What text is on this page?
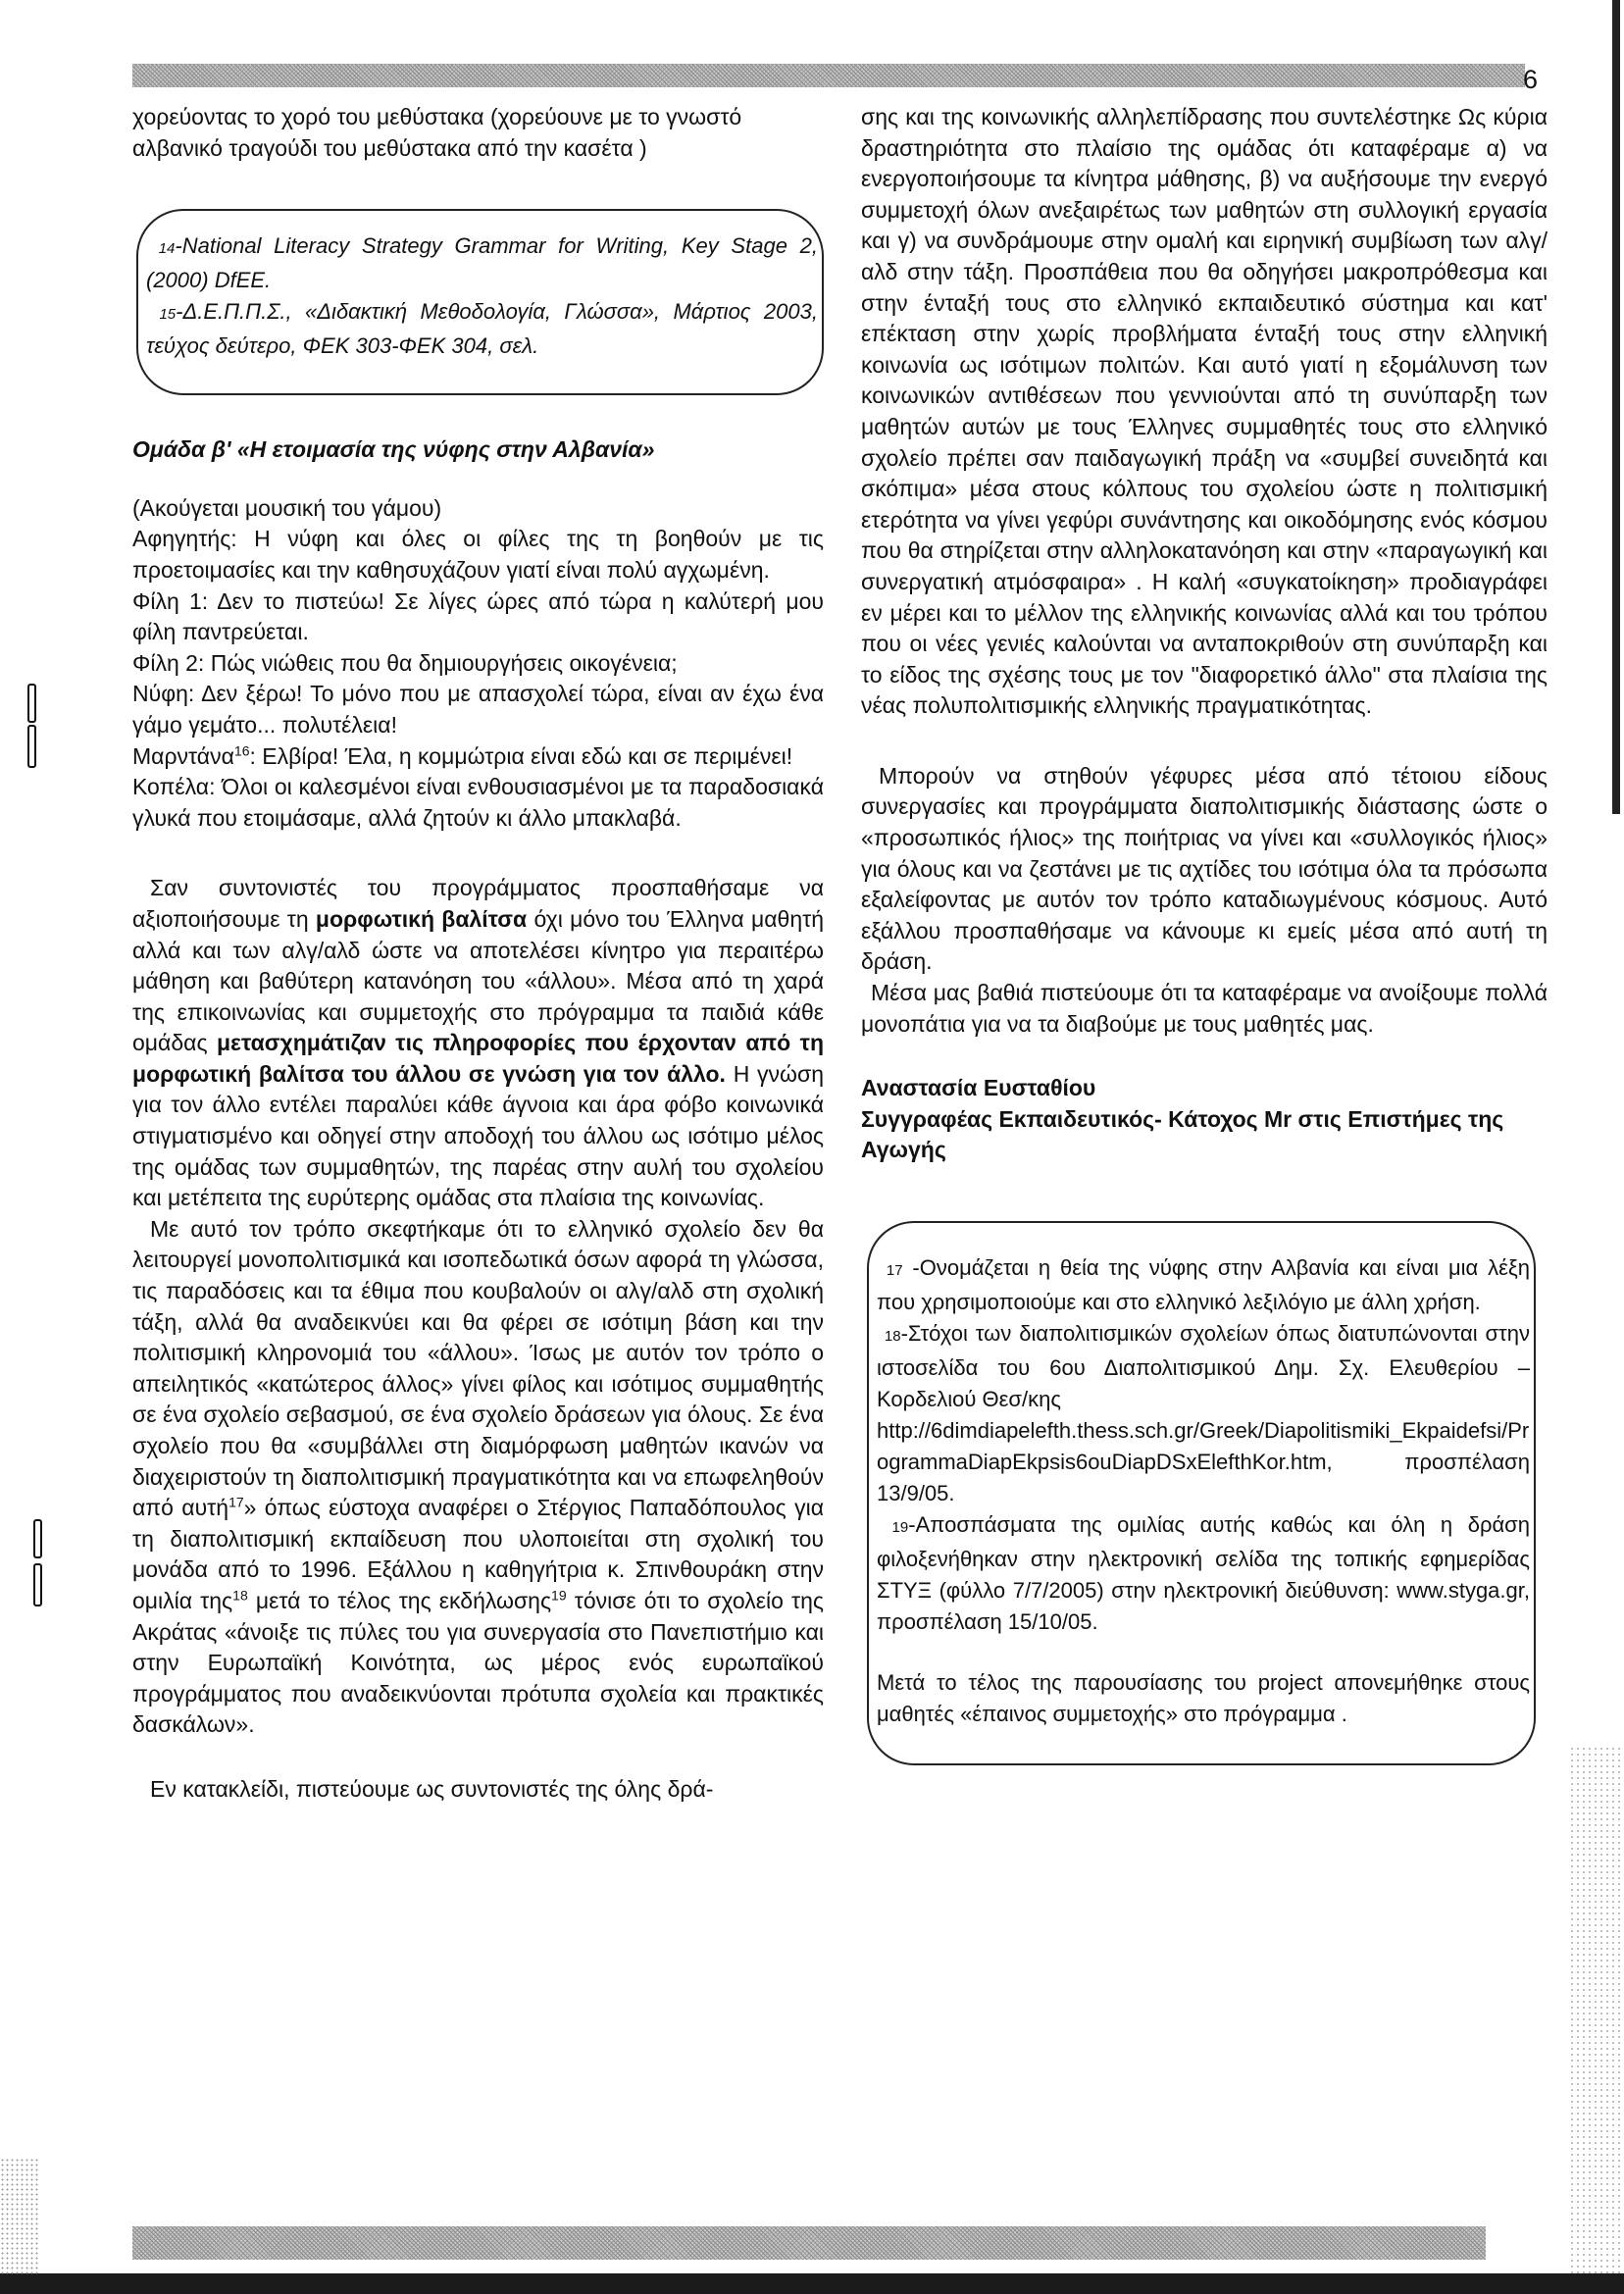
6

χορεύοντας το χορό του μεθύστακα (χορεύουνε με το γνωστό αλβανικό τραγούδι του μεθύστακα από την κασέτα )

14-National Literacy Strategy Grammar for Writing, Key Stage 2, (2000) DfEE.

15-Δ.Ε.Π.Π.Σ., «Διδακτική Μεθοδολογία, Γλώσσα», Μάρτιος 2003, τεύχος δεύτερο, ΦΕΚ 303-ΦΕΚ 304, σελ.

Ομάδα β' «Η ετοιμασία της νύφης στην Αλβανία»

(Ακούγεται μουσική του γάμου)

Αφηγητής: Η νύφη και όλες οι φίλες της τη βοηθούν με τις προετοιμασίες και την καθησυχάζουν γιατί είναι πολύ αγχωμένη.

Φίλη 1: Δεν το πιστεύω! Σε λίγες ώρες από τώρα η καλύτερή μου φίλη παντρεύεται.

Φίλη 2: Πώς νιώθεις που θα δημιουργήσεις οικογένεια;

Νύφη: Δεν ξέρω! Το μόνο που με απασχολεί τώρα, είναι αν έχω ένα γάμο γεμάτο... πολυτέλεια!

Μαρντάνα$^{16}$: Ελβίρα! Έλα, η κομμώτρια είναι εδώ και σε περιμένει!

Κοπέλα: Όλοι οι καλεσμένοι είναι ενθουσιασμένοι με τα παραδοσιακά γλυκά που ετοιμάσαμε, αλλά ζητούν κι άλλο μπακλαβά.

Σαν συντονιστές του προγράμματος προσπαθήσαμε να αξιοποιήσουμε τη μορφωτική βαλίτσα όχι μόνο του Έλληνα μαθητή αλλά και των αλγ/αλδ ώστε να αποτελέσει κίνητρο για περαιτέρω μάθηση και βαθύτερη κατανόηση του «άλλου». Μέσα από τη χαρά της επικοινωνίας και συμμετοχής στο πρόγραμμα τα παιδιά κάθε ομάδας μετασχημάτιζαν τις πληροφορίες που έρχονταν από τη μορφωτική βαλίτσα του άλλου σε γνώση για τον άλλο. Η γνώση για τον άλλο εντέλει παραλύει κάθε άγνοια και άρα φόβο κοινωνικά στιγματισμένο και οδηγεί στην αποδοχή του άλλου ως ισότιμο μέλος της ομάδας των συμμαθητών, της παρέας στην αυλή του σχολείου και μετέπειτα της ευρύτερης ομάδας στα πλαίσια της κοινωνίας.

Με αυτό τον τρόπο σκεφτήκαμε ότι το ελληνικό σχολείο δεν θα λειτουργεί μονοπολιτισμικά και ισοπεδωτικά όσων αφορά τη γλώσσα, τις παραδόσεις και τα έθιμα που κουβαλούν οι αλγ/αλδ στη σχολική τάξη, αλλά θα αναδεικνύει και θα φέρει σε ισότιμη βάση και την πολιτισμική κληρονομιά του «άλλου». Ίσως με αυτόν τον τρόπο ο απειλητικός «κατώτερος άλλος» γίνει φίλος και ισότιμος συμμαθητής σε ένα σχολείο σεβασμού, σε ένα σχολείο δράσεων για όλους. Σε ένα σχολείο που θα «συμβάλλει στη διαμόρφωση μαθητών ικανών να διαχειριστούν τη διαπολιτισμική πραγματικότητα και να επωφεληθούν από αυτή$^{17}$» όπως εύστοχα αναφέρει ο Στέργιος Παπαδόπουλος για τη διαπολιτισμική εκπαίδευση που υλοποιείται στη σχολική του μονάδα από το 1996. Εξάλλου η καθηγήτρια κ. Σπινθουράκη στην ομιλία της$^{18}$ μετά το τέλος της εκδήλωσης$^{19}$ τόνισε ότι το σχολείο της Ακράτας «άνοιξε τις πύλες του για συνεργασία στο Πανεπιστήμιο και στην Ευρωπαϊκή Κοινότητα, ως μέρος ενός ευρωπαϊκού προγράμματος που αναδεικνύονται πρότυπα σχολεία και πρακτικές δασκάλων».

Εν κατακλείδι, πιστεύουμε ως συντονιστές της όλης δρά-

σης και της κοινωνικής αλληλεπίδρασης που συντελέστηκε Ως κύρια δραστηριότητα στο πλαίσιο της ομάδας ότι καταφέραμε α) να ενεργοποιήσουμε τα κίνητρα μάθησης, β) να αυξήσουμε την ενεργό συμμετοχή όλων ανεξαιρέτως των μαθητών στη συλλογική εργασία και γ) να συνδράμουμε στην ομαλή και ειρηνική συμβίωση των αλγ/αλδ στην τάξη. Προσπάθεια που θα οδηγήσει μακροπρόθεσμα και στην ένταξή τους στο ελληνικό εκπαιδευτικό σύστημα και κατ' επέκταση στην χωρίς προβλήματα ένταξή τους στην ελληνική κοινωνία ως ισότιμων πολιτών. Και αυτό γιατί η εξομάλυνση των κοινωνικών αντιθέσεων που γεννιούνται από τη συνύπαρξη των μαθητών αυτών με τους Έλληνες συμμαθητές τους στο ελληνικό σχολείο πρέπει σαν παιδαγωγική πράξη να «συμβεί συνειδητά και σκόπιμα» μέσα στους κόλπους του σχολείου ώστε η πολιτισμική ετερότητα να γίνει γεφύρι συνάντησης και οικοδόμησης ενός κόσμου που θα στηρίζεται στην αλληλοκατανόηση και στην «παραγωγική και συνεργατική ατμόσφαιρα» . Η καλή «συγκατοίκηση» προδιαγράφει εν μέρει και το μέλλον της ελληνικής κοινωνίας αλλά και του τρόπου που οι νέες γενιές καλούνται να ανταποκριθούν στη συνύπαρξη και το είδος της σχέσης τους με τον "διαφορετικό άλλο" στα πλαίσια της νέας πολυπολιτισμικής ελληνικής πραγματικότητας.

Μπορούν να στηθούν γέφυρες μέσα από τέτοιου είδους συνεργασίες και προγράμματα διαπολιτισμικής διάστασης ώστε ο «προσωπικός ήλιος» της ποιήτριας να γίνει και «συλλογικός ήλιος» για όλους και να ζεστάνει με τις αχτίδες του ισότιμα όλα τα πρόσωπα εξαλείφοντας με αυτόν τον τρόπο καταδιωγμένους κόσμους. Αυτό εξάλλου προσπαθήσαμε να κάνουμε κι εμείς μέσα από αυτή τη δράση.

Μέσα μας βαθιά πιστεύουμε ότι τα καταφέραμε να ανοίξουμε πολλά μονοπάτια για να τα διαβούμε με τους μαθητές μας.

Αναστασία Ευσταθίου

Συγγραφέας Εκπαιδευτικός- Κάτοχος Mr στις Επιστήμες της Αγωγής

17 -Ονομάζεται η θεία της νύφης στην Αλβανία και είναι μια λέξη που χρησιμοποιούμε και στο ελληνικό λεξιλόγιο με άλλη χρήση.

18-Στόχοι των διαπολιτισμικών σχολείων όπως διατυπώνονται στην ιστοσελίδα του 6ου Διαπολιτισμικού Δημ. Σχ. Ελευθερίου – Κορδελιού Θεσ/κης
http://6dimdiapelefth.thess.sch.gr/Greek/Diapolitismiki_Ekpaidefsi/ProgrammaDiapEkpsis6ouDiapDSxElefthKor.htm, προσπέλαση 13/9/05.

19-Αποσπάσματα της ομιλίας αυτής καθώς και όλη η δράση φιλοξενήθηκαν στην ηλεκτρονική σελίδα της τοπικής εφημερίδας ΣΤΥΞ (φύλλο 7/7/2005) στην ηλεκτρονική διεύθυνση: www.styga.gr, προσπέλαση 15/10/05.

Μετά το τέλος της παρουσίασης του project απονεμήθηκε στους μαθητές «έπαινος συμμετοχής» στο πρόγραμμα .
